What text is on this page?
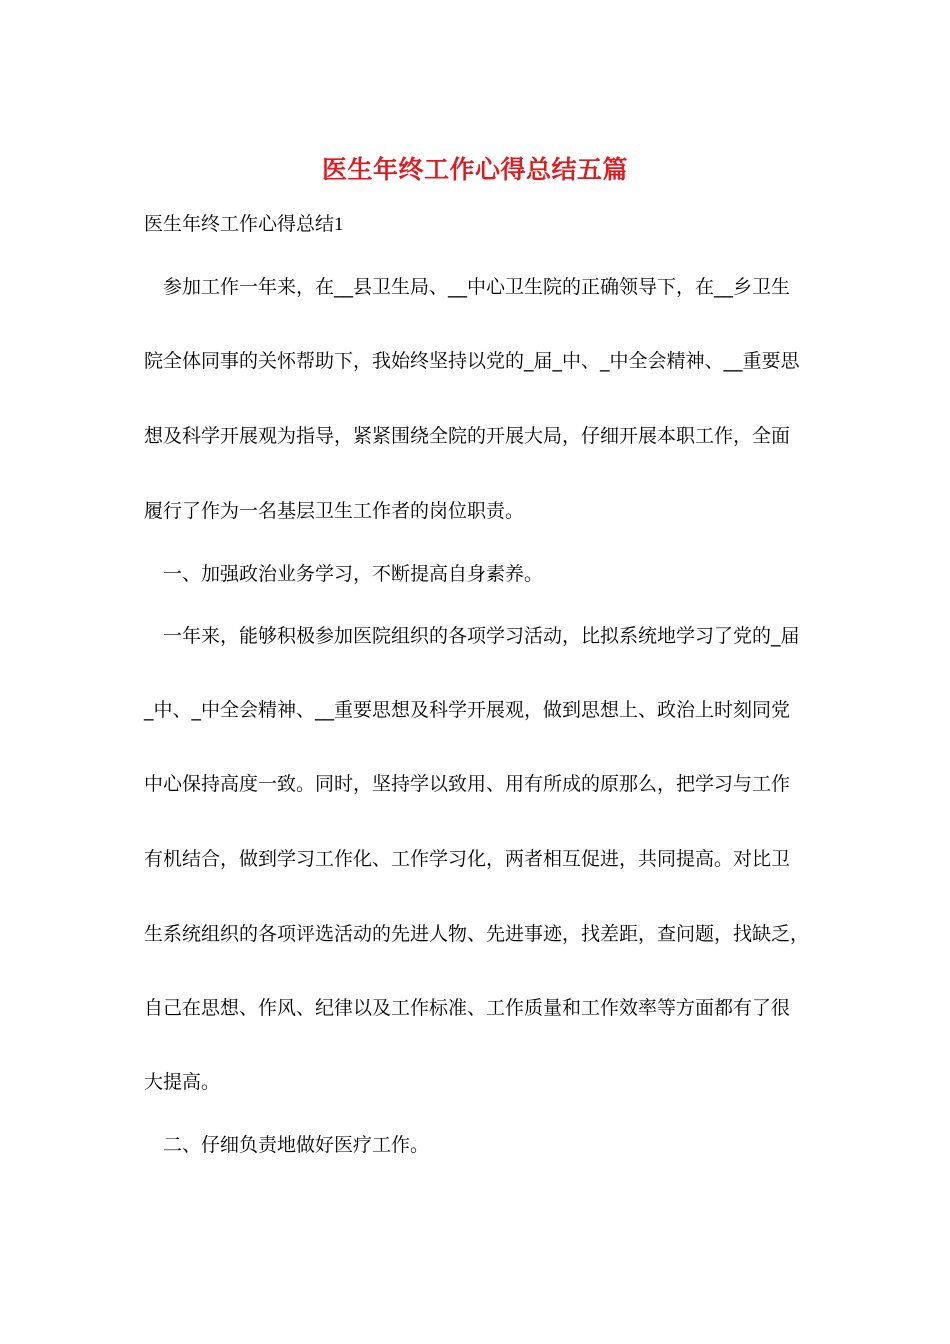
医生年终工作心得总结五篇
医生年终工作心得总结1
　参加工作一年来，在__县卫生局、__中心卫生院的正确领导下，在__乡卫生
院全体同事的关怀帮助下，我始终坚持以党的_届_中、_中全会精神、__重要思
想及科学开展观为指导，紧紧围绕全院的开展大局，仔细开展本职工作，全面
履行了作为一名基层卫生工作者的岗位职责。
　一、加强政治业务学习，不断提高自身素养。
　一年来，能够积极参加医院组织的各项学习活动，比拟系统地学习了党的_届
_中、_中全会精神、__重要思想及科学开展观，做到思想上、政治上时刻同党
中心保持高度一致。同时，坚持学以致用、用有所成的原那么，把学习与工作
有机结合，做到学习工作化、工作学习化，两者相互促进，共同提高。对比卫
生系统组织的各项评选活动的先进人物、先进事迹，找差距，查问题，找缺乏，
自己在思想、作风、纪律以及工作标准、工作质量和工作效率等方面都有了很
大提高。
　二、仔细负责地做好医疗工作。
